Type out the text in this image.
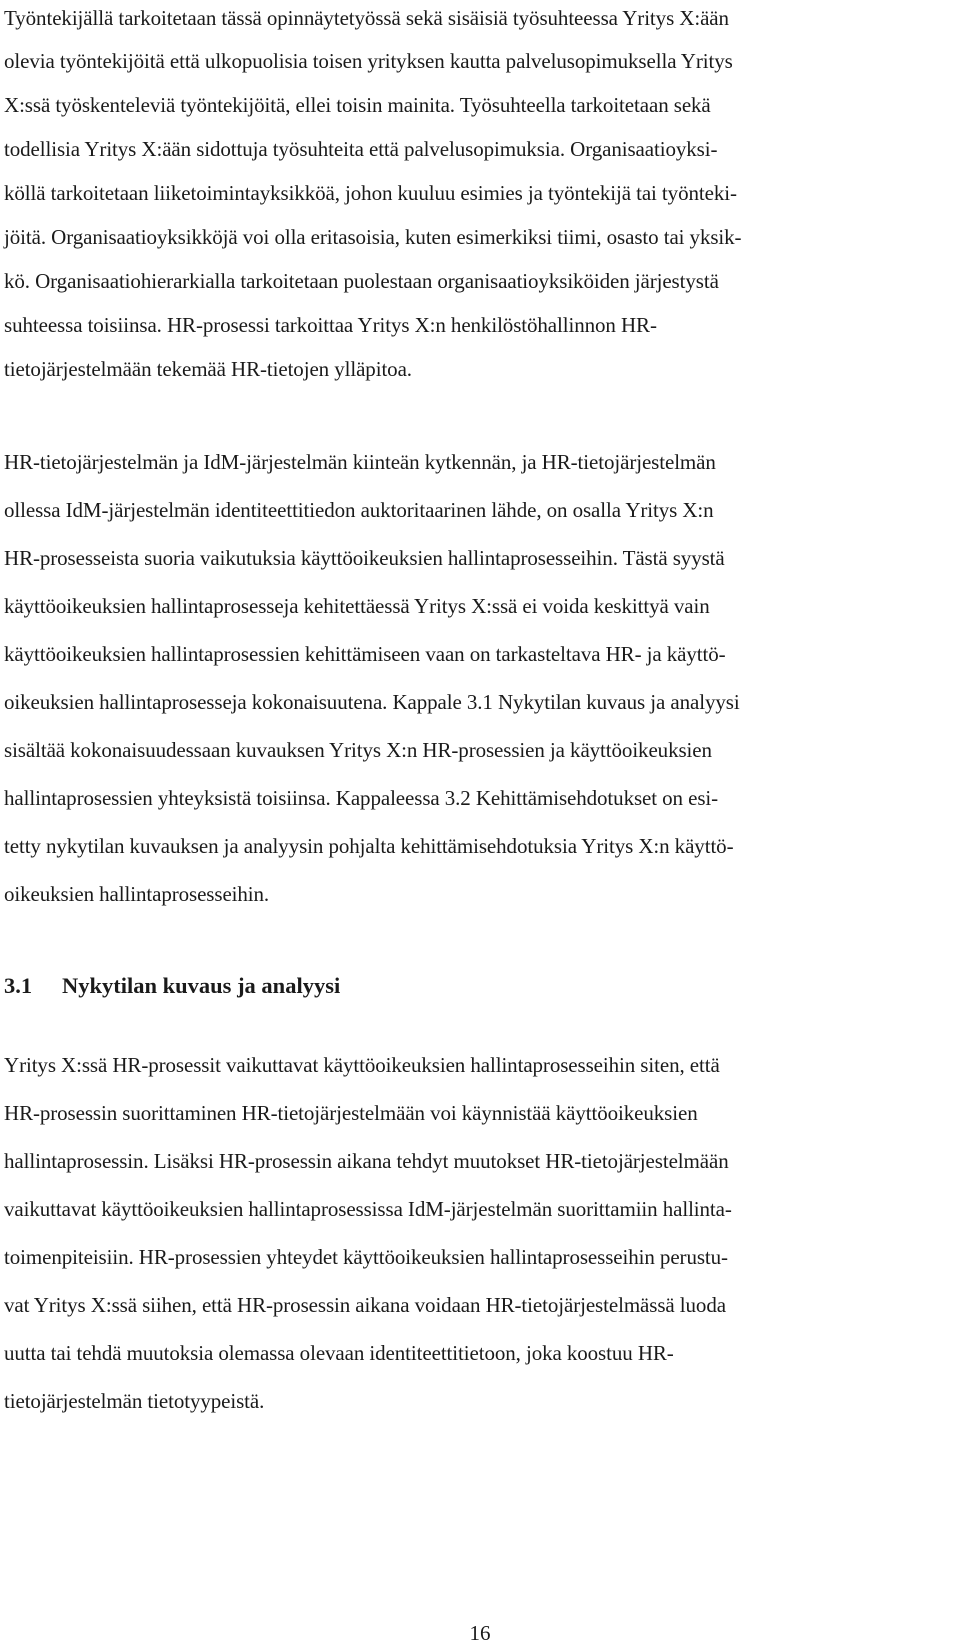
Työntekijällä tarkoitetaan tässä opinnäytetyössä sekä sisäisiä työsuhteessa Yritys X:ään

olevia työntekijöitä että ulkopuolisia toisen yrityksen kautta palvelusopimuksella Yritys

X:ssä työskenteleviä työntekijöitä, ellei toisin mainita. Työsuhteella tarkoitetaan sekä

todellisia Yritys X:ään sidottuja työsuhteita että palvelusopimuksia. Organisaatioyksi-

köllä tarkoitetaan liiketoimintayksikköä, johon kuuluu esimies ja työntekijä tai työnteki-

jöitä. Organisaatioyksikköjä voi olla eritasoisia, kuten esimerkiksi tiimi, osasto tai yksik-

kö. Organisaatiohierarkialla tarkoitetaan puolestaan organisaatioyksiköiden järjestystä

suhteessa toisiinsa. HR-prosessi tarkoittaa Yritys X:n henkilöstöhallinnon HR-

tietojärjestelmään tekemää HR-tietojen ylläpitoa.

HR-tietojärjestelmän ja IdM-järjestelmän kiinteän kytkennän, ja HR-tietojärjestelmän

ollessa IdM-järjestelmän identiteettitiedon auktoritaarinen lähde, on osalla Yritys X:n

HR-prosesseista suoria vaikutuksia käyttöoikeuksien hallintaprosesseihin. Tästä syystä

käyttöoikeuksien hallintaprosesseja kehitettäessä Yritys X:ssä ei voida keskittyä vain

käyttöoikeuksien hallintaprosessien kehittämiseen vaan on tarkasteltava HR- ja käyttö-

oikeuksien hallintaprosesseja kokonaisuutena. Kappale 3.1 Nykytilan kuvaus ja analyysi

sisältää kokonaisuudessaan kuvauksen Yritys X:n HR-prosessien ja käyttöoikeuksien

hallintaprosessien yhteyksistä toisiinsa. Kappaleessa 3.2 Kehittämisehdotukset on esi-

tetty nykytilan kuvauksen ja analyysin pohjalta kehittämisehdotuksia Yritys X:n käyttö-

oikeuksien hallintaprosesseihin.

3.1 Nykytilan kuvaus ja analyysi

Yritys X:ssä HR-prosessit vaikuttavat käyttöoikeuksien hallintaprosesseihin siten, että

HR-prosessin suorittaminen HR-tietojärjestelmään voi käynnistää käyttöoikeuksien

hallintaprosessin. Lisäksi HR-prosessin aikana tehdyt muutokset HR-tietojärjestelmään

vaikuttavat käyttöoikeuksien hallintaprosessissa IdM-järjestelmän suorittamiin hallinta-

toimenpiteisiin. HR-prosessien yhteydet käyttöoikeuksien hallintaprosesseihin perustu-

vat Yritys X:ssä siihen, että HR-prosessin aikana voidaan HR-tietojärjestelmässä luoda

uutta tai tehdä muutoksia olemassa olevaan identiteettitietoon, joka koostuu HR-

tietojärjestelmän tietotyypeistä.

16
